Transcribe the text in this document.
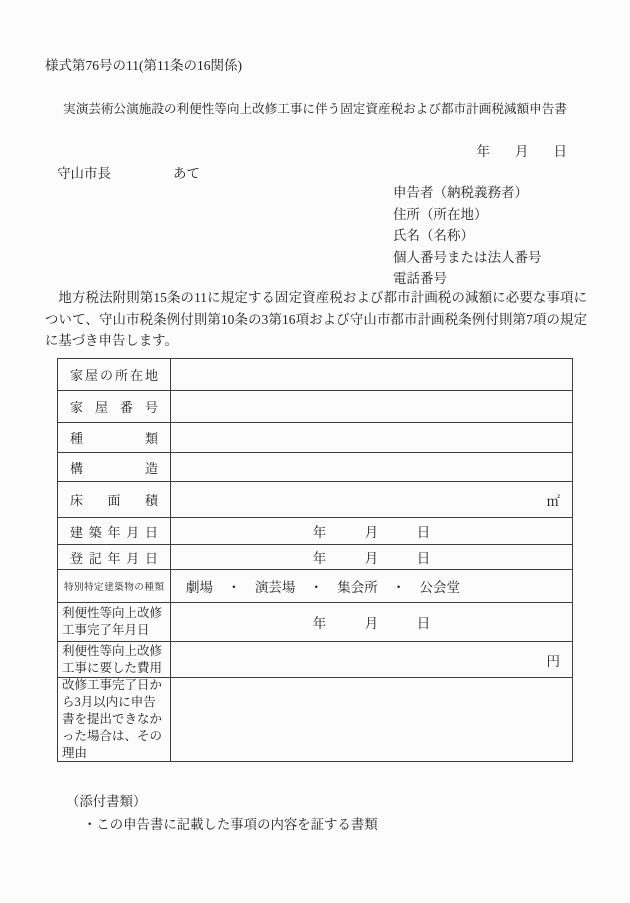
様式第76号の11(第11条の16関係)
実演芸術公演施設の利便性等向上改修工事に伴う固定資産税および都市計画税減額申告書
年 月 日
守山市長	あて
申告者（納税義務者）
住所（所在地）
氏名（名称）
個人番号または法人番号
電話番号

地方税法附則第15条の11に規定する固定資産税および都市計画税の減額に必要な事項について、守山市税条例付則第10条の3第16項および守山市都市計画税条例付則第7項の規定に基づき申告します。

家屋の所在地
家屋番号
種類
構造
床面積	㎡
建築年月日	年 月 日
登記年月日	年 月 日
特別特定建築物の種類	劇場 ・ 演芸場 ・ 集会所 ・ 公会堂
利便性等向上改修工事完了年月日	年 月 日
利便性等向上改修工事に要した費用	円
改修工事完了日から3月以内に申告書を提出できなかった場合は、その理由
（添付書類）
・この申告書に記載した事項の内容を証する書類
